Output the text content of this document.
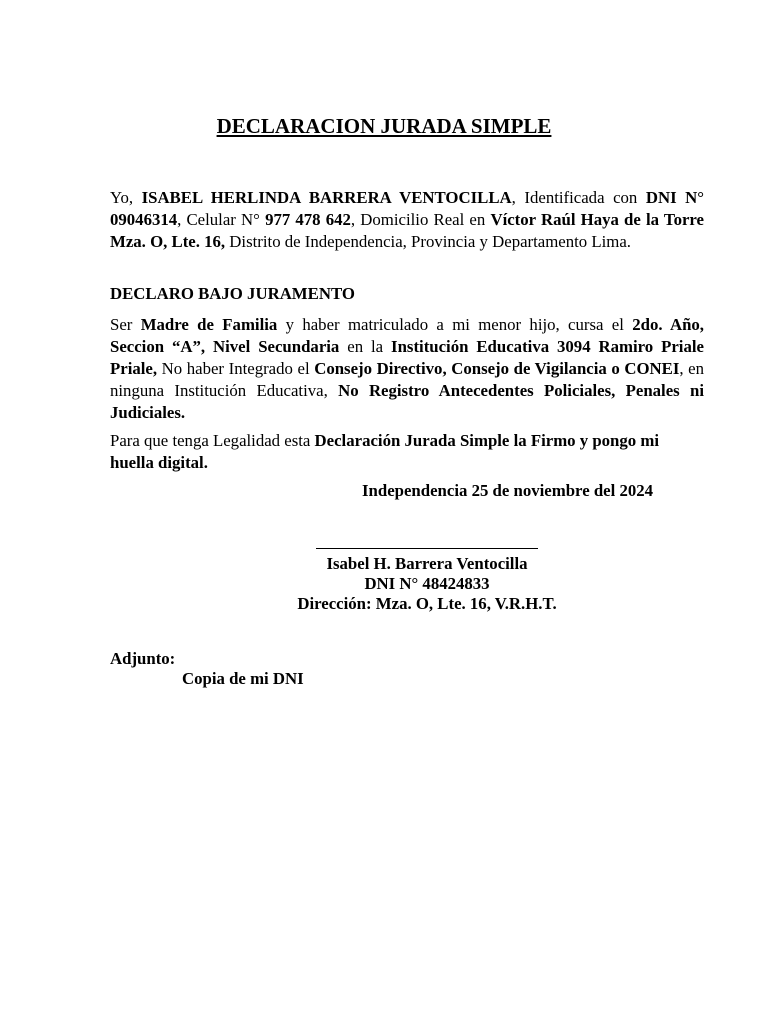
DECLARACION JURADA SIMPLE
Yo, ISABEL HERLINDA BARRERA VENTOCILLA, Identificada con DNI N° 09046314, Celular N° 977 478 642, Domicilio Real en Víctor Raúl Haya de la Torre Mza. O, Lte. 16, Distrito de Independencia, Provincia y Departamento Lima.
DECLARO BAJO JURAMENTO
Ser Madre de Familia y haber matriculado a mi menor hijo, cursa el 2do. Año, Seccion “A”, Nivel Secundaria en la Institución Educativa 3094 Ramiro Priale Priale, No haber Integrado el Consejo Directivo, Consejo de Vigilancia o CONEI, en ninguna Institución Educativa, No Registro Antecedentes Policiales, Penales ni Judiciales.
Para que tenga Legalidad esta Declaración Jurada Simple la Firmo y pongo mi huella digital.
Independencia 25 de noviembre del 2024
Isabel H. Barrera Ventocilla
DNI N° 48424833
Dirección: Mza. O, Lte. 16, V.R.H.T.
Adjunto:
Copia de mi DNI
